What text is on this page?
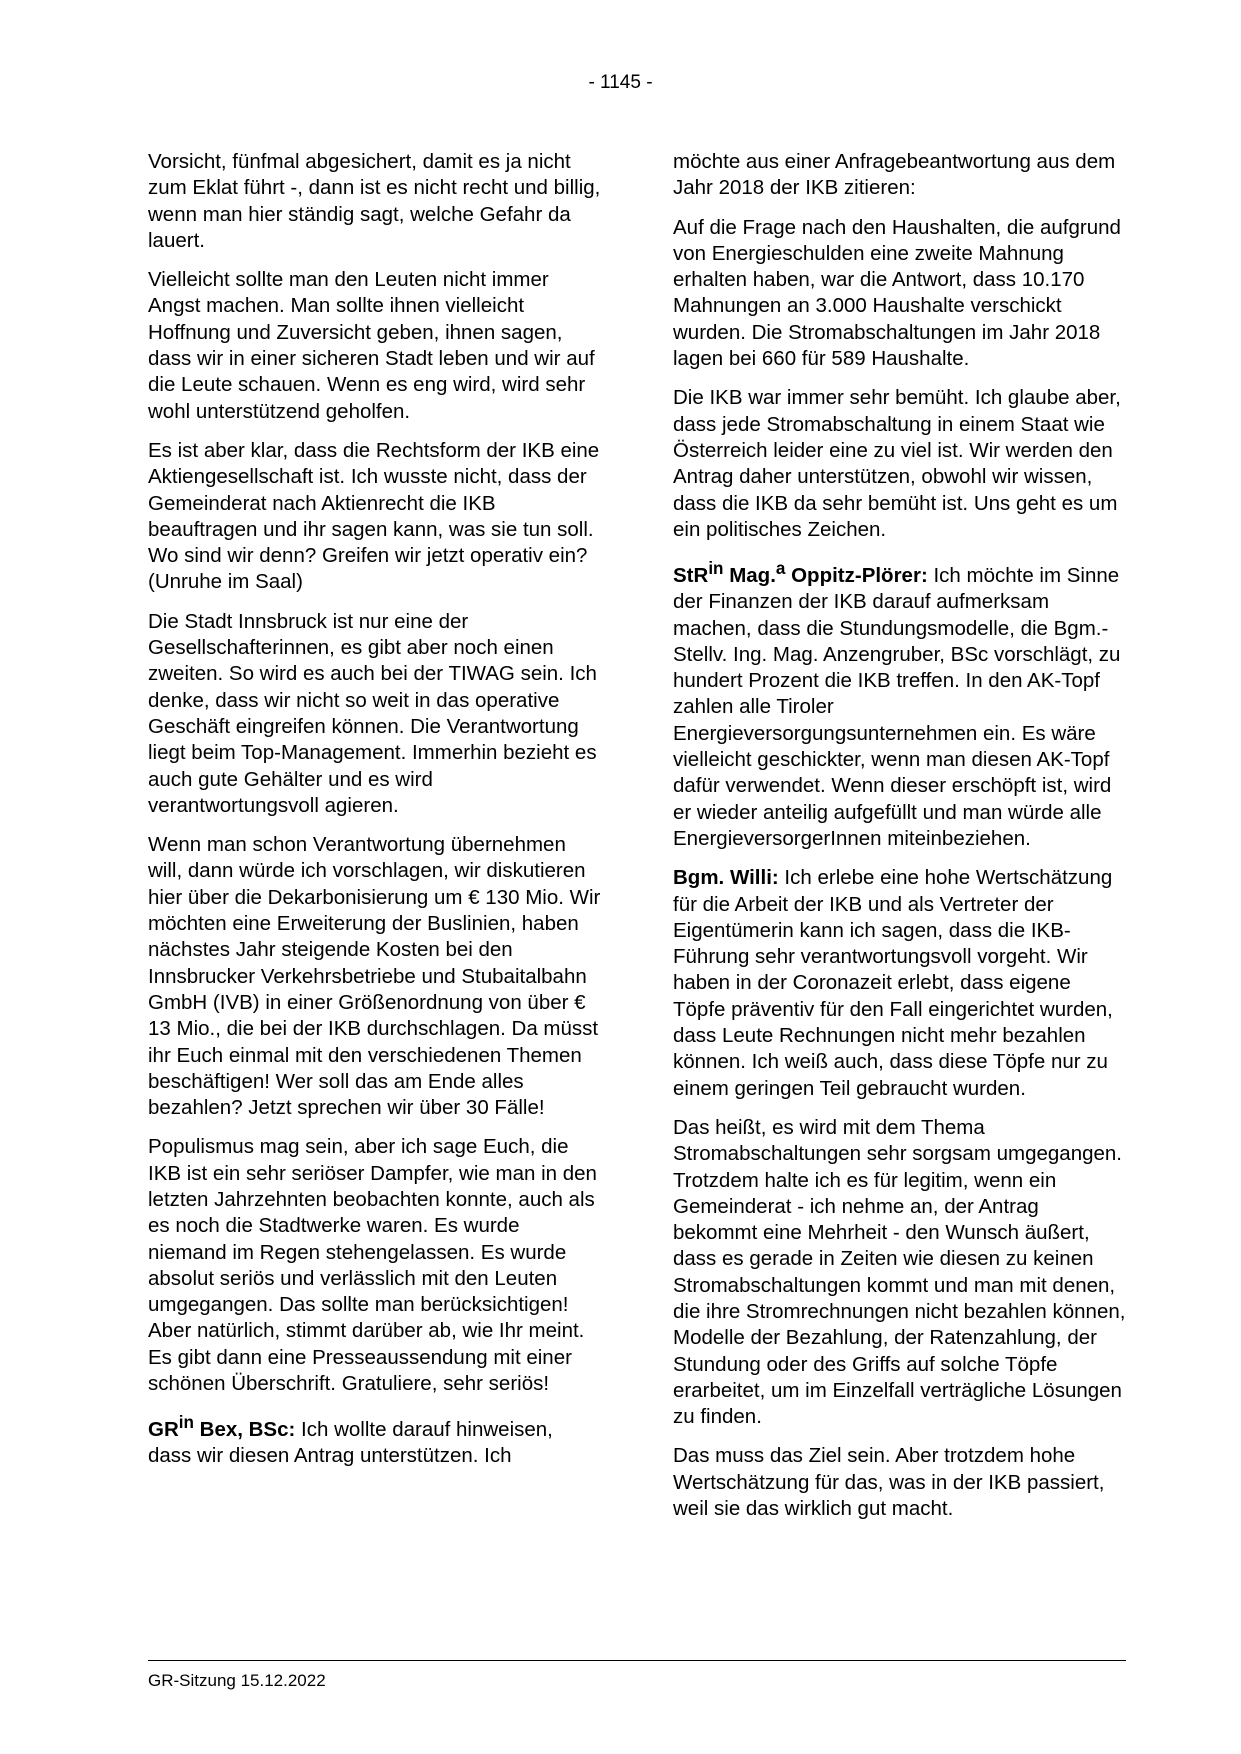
- 1145 -

Vorsicht, fünfmal abgesichert, damit es ja nicht zum Eklat führt -, dann ist es nicht recht und billig, wenn man hier ständig sagt, welche Gefahr da lauert.

Vielleicht sollte man den Leuten nicht immer Angst machen. Man sollte ihnen vielleicht Hoffnung und Zuversicht geben, ihnen sagen, dass wir in einer sicheren Stadt leben und wir auf die Leute schauen. Wenn es eng wird, wird sehr wohl unterstützend geholfen.

Es ist aber klar, dass die Rechtsform der IKB eine Aktiengesellschaft ist. Ich wusste nicht, dass der Gemeinderat nach Aktienrecht die IKB beauftragen und ihr sagen kann, was sie tun soll. Wo sind wir denn? Greifen wir jetzt operativ ein? (Unruhe im Saal)

Die Stadt Innsbruck ist nur eine der Gesellschafterinnen, es gibt aber noch einen zweiten. So wird es auch bei der TIWAG sein. Ich denke, dass wir nicht so weit in das operative Geschäft eingreifen können. Die Verantwortung liegt beim Top-Management. Immerhin bezieht es auch gute Gehälter und es wird verantwortungsvoll agieren.

Wenn man schon Verantwortung übernehmen will, dann würde ich vorschlagen, wir diskutieren hier über die Dekarbonisierung um € 130 Mio. Wir möchten eine Erweiterung der Buslinien, haben nächstes Jahr steigende Kosten bei den Innsbrucker Verkehrsbetriebe und Stubaitalbahn GmbH (IVB) in einer Größenordnung von über € 13 Mio., die bei der IKB durchschlagen. Da müsst ihr Euch einmal mit den verschiedenen Themen beschäftigen! Wer soll das am Ende alles bezahlen? Jetzt sprechen wir über 30 Fälle!

Populismus mag sein, aber ich sage Euch, die IKB ist ein sehr seriöser Dampfer, wie man in den letzten Jahrzehnten beobachten konnte, auch als es noch die Stadtwerke waren. Es wurde niemand im Regen stehengelassen. Es wurde absolut seriös und verlässlich mit den Leuten umgegangen. Das sollte man berücksichtigen! Aber natürlich, stimmt darüber ab, wie Ihr meint. Es gibt dann eine Presseaussendung mit einer schönen Überschrift. Gratuliere, sehr seriös!

$GR^{in}$ Bex, BSc: Ich wollte darauf hinweisen, dass wir diesen Antrag unterstützen. Ich

möchte aus einer Anfragebeantwortung aus dem Jahr 2018 der IKB zitieren:

Auf die Frage nach den Haushalten, die aufgrund von Energieschulden eine zweite Mahnung erhalten haben, war die Antwort, dass 10.170 Mahnungen an 3.000 Haushalte verschickt wurden. Die Stromabschaltungen im Jahr 2018 lagen bei 660 für 589 Haushalte.

Die IKB war immer sehr bemüht. Ich glaube aber, dass jede Stromabschaltung in einem Staat wie Österreich leider eine zu viel ist. Wir werden den Antrag daher unterstützen, obwohl wir wissen, dass die IKB da sehr bemüht ist. Uns geht es um ein politisches Zeichen.

StR$^{in}$ Mag.$^a$ Oppitz-Plörer: Ich möchte im Sinne der Finanzen der IKB darauf aufmerksam machen, dass die Stundungsmodelle, die Bgm.-Stellv. Ing. Mag. Anzengruber, BSc vorschlägt, zu hundert Prozent die IKB treffen. In den AK-Topf zahlen alle Tiroler Energieversorgungsunternehmen ein. Es wäre vielleicht geschickter, wenn man diesen AK-Topf dafür verwendet. Wenn dieser erschöpft ist, wird er wieder anteilig aufgefüllt und man würde alle EnergieversorgerInnen miteinbeziehen.

Bgm. Willi: Ich erlebe eine hohe Wertschätzung für die Arbeit der IKB und als Vertreter der Eigentümerin kann ich sagen, dass die IKB-Führung sehr verantwortungsvoll vorgeht. Wir haben in der Coronazeit erlebt, dass eigene Töpfe präventiv für den Fall eingerichtet wurden, dass Leute Rechnungen nicht mehr bezahlen können. Ich weiß auch, dass diese Töpfe nur zu einem geringen Teil gebraucht wurden.

Das heißt, es wird mit dem Thema Stromabschaltungen sehr sorgsam umgegangen. Trotzdem halte ich es für legitim, wenn ein Gemeinderat - ich nehme an, der Antrag bekommt eine Mehrheit - den Wunsch äußert, dass es gerade in Zeiten wie diesen zu keinen Stromabschaltungen kommt und man mit denen, die ihre Stromrechnungen nicht bezahlen können, Modelle der Bezahlung, der Ratenzahlung, der Stundung oder des Griffs auf solche Töpfe erarbeitet, um im Einzelfall verträgliche Lösungen zu finden.

Das muss das Ziel sein. Aber trotzdem hohe Wertschätzung für das, was in der IKB passiert, weil sie das wirklich gut macht.

GR-Sitzung 15.12.2022
